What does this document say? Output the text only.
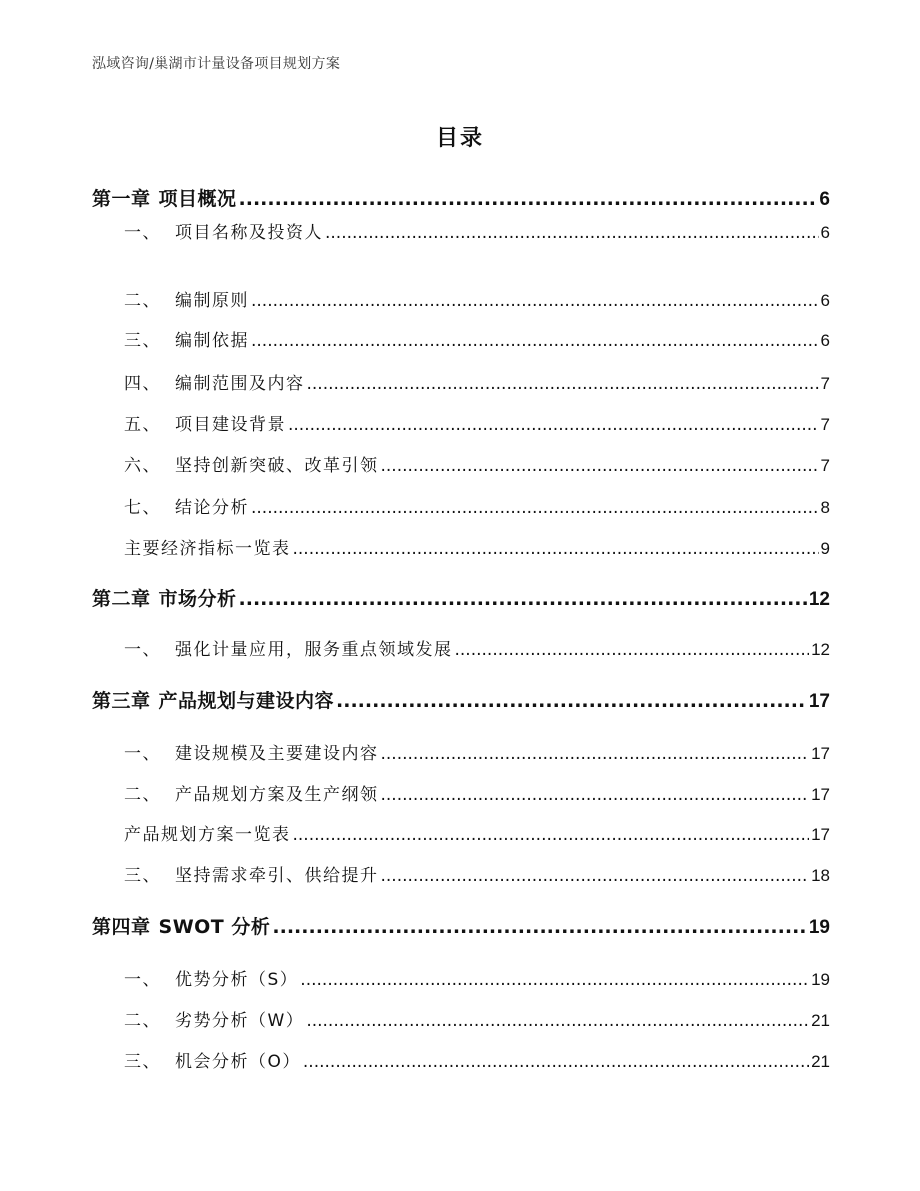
泓域咨询/巢湖市计量设备项目规划方案
目录
第一章 项目概况 .....	6
一、 项目名称及投资人 .....	6
二、 编制原则 .....	6
三、 编制依据 .....	6
四、 编制范围及内容 .....	7
五、 项目建设背景 .....	7
六、 坚持创新突破、改革引领 .....	7
七、 结论分析 .....	8
主要经济指标一览表 .....	9
第二章 市场分析 .....	12
一、 强化计量应用，服务重点领域发展 .....	12
第三章 产品规划与建设内容 .....	17
一、 建设规模及主要建设内容 .....	17
二、 产品规划方案及生产纲领 .....	17
产品规划方案一览表 .....	17
三、 坚持需求牵引、供给提升 .....	18
第四章 SWOT 分析 .....	19
一、 优势分析（S） .....	19
二、 劣势分析（W） .....	21
三、 机会分析（O） .....	21
